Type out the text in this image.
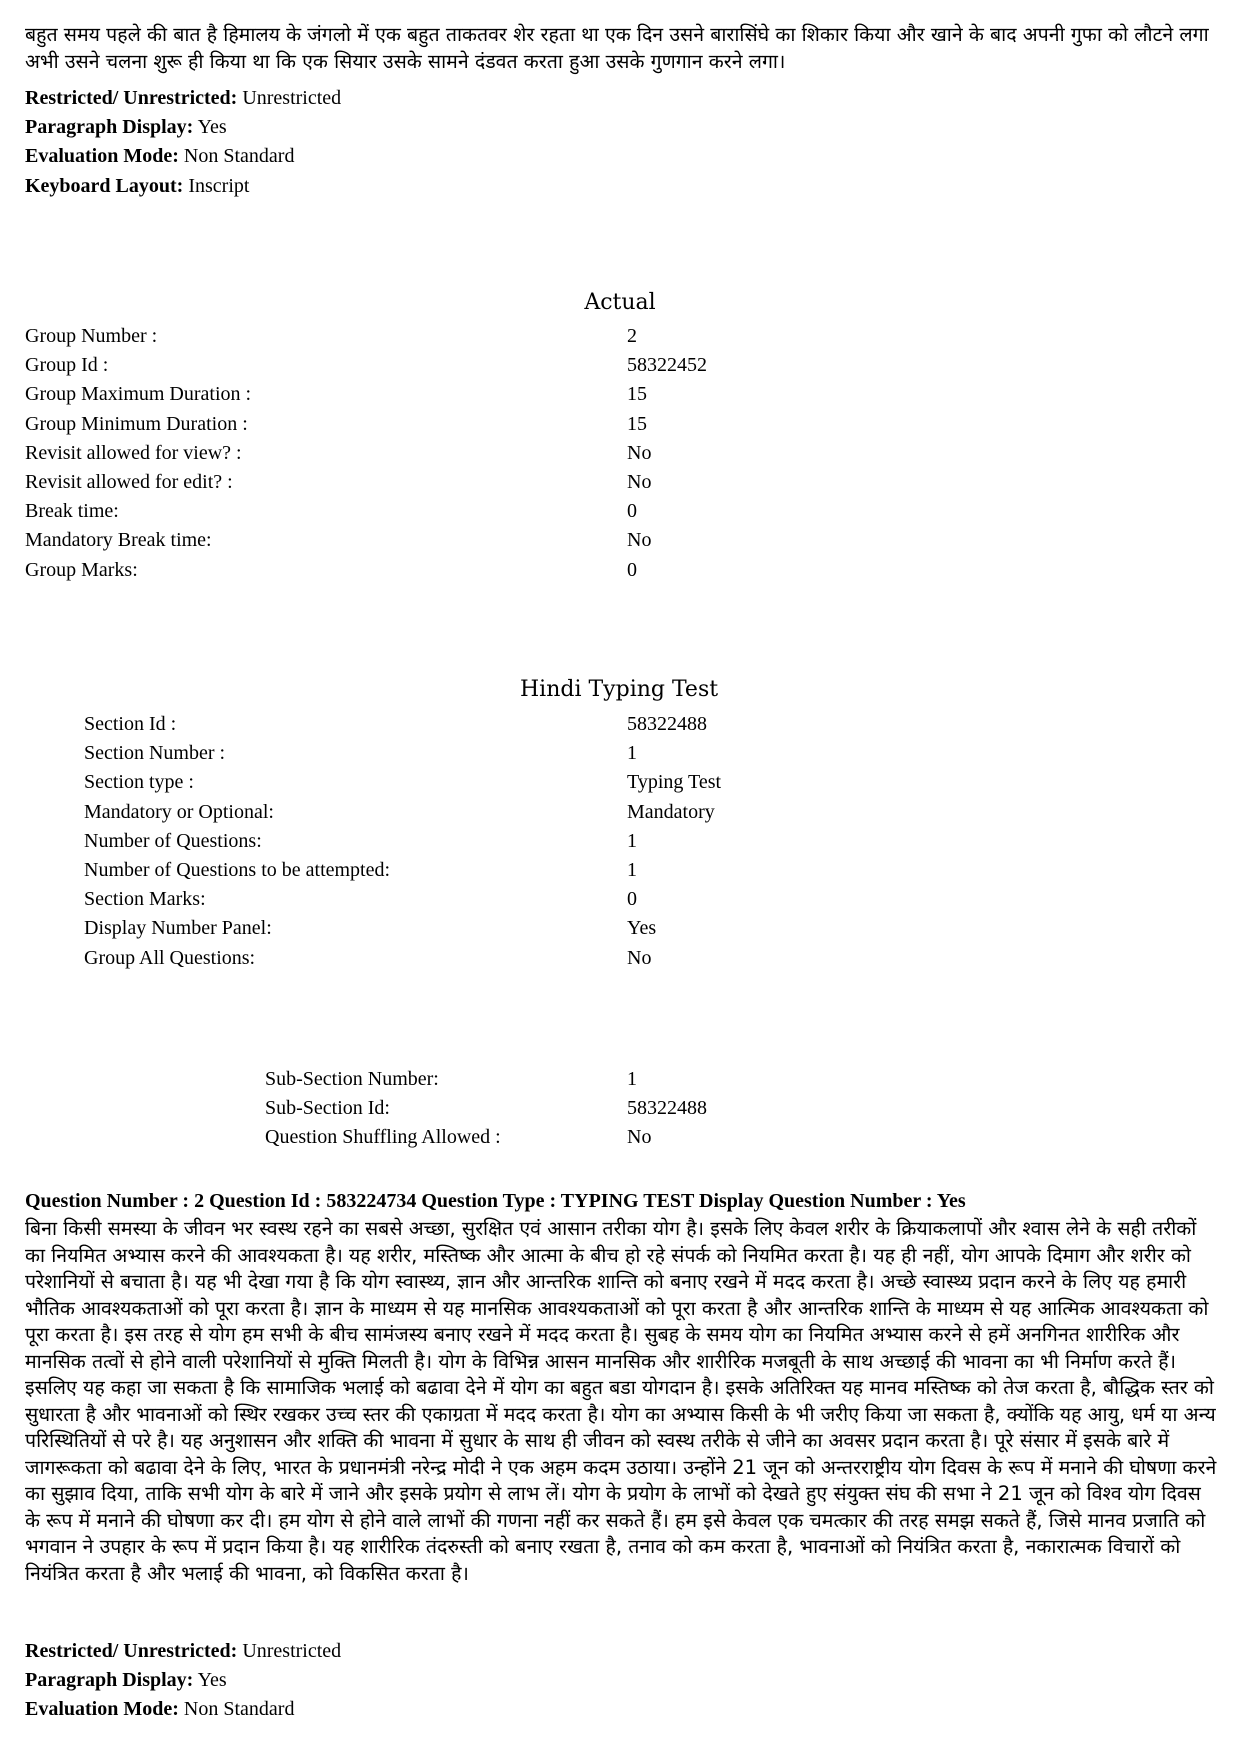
बहुत समय पहले की बात है हिमालय के जंगलो में एक बहुत ताकतवर शेर रहता था एक दिन उसने बारासिंघे का शिकार किया और खाने के बाद अपनी गुफा को लौटने लगा अभी उसने चलना शुरू ही किया था कि एक सियार उसके सामने दंडवत करता हुआ उसके गुणगान करने लगा।

Restricted/ Unrestricted: Unrestricted
Paragraph Display: Yes
Evaluation Mode: Non Standard
Keyboard Layout: Inscript
Actual
Group Number :	2
Group Id :	58322452
Group Maximum Duration :	15
Group Minimum Duration :	15
Revisit allowed for view? :	No
Revisit allowed for edit? :	No
Break time:	0
Mandatory Break time:	No
Group Marks:	0
Hindi Typing Test
Section Id :	58322488
Section Number :	1
Section type :	Typing Test
Mandatory or Optional:	Mandatory
Number of Questions:	1
Number of Questions to be attempted:	1
Section Marks:	0
Display Number Panel:	Yes
Group All Questions:	No
Sub-Section Number:	1
Sub-Section Id:	58322488
Question Shuffling Allowed :	No
Question Number : 2 Question Id : 583224734 Question Type : TYPING TEST Display Question Number : Yes

बिना किसी समस्या के जीवन भर स्वस्थ रहने का सबसे अच्छा, सुरक्षित एवं आसान तरीका योग है। इसके लिए केवल शरीर के क्रियाकलापों और श्वास लेने के सही तरीकों का नियमित अभ्यास करने की आवश्यकता है। यह शरीर, मस्तिष्क और आत्मा के बीच हो रहे संपर्क को नियमित करता है। यह ही नहीं, योग आपके दिमाग और शरीर को परेशानियों से बचाता है। यह भी देखा गया है कि योग स्वास्थ्य, ज्ञान और आन्तरिक शान्ति को बनाए रखने में मदद करता है। अच्छे स्वास्थ्य प्रदान करने के लिए यह हमारी भौतिक आवश्यकताओं को पूरा करता है। ज्ञान के माध्यम से यह मानसिक आवश्यकताओं को पूरा करता है और आन्तरिक शान्ति के माध्यम से यह आत्मिक आवश्यकता को पूरा करता है। इस तरह से योग हम सभी के बीच सामंजस्य बनाए रखने में मदद करता है। सुबह के समय योग का नियमित अभ्यास करने से हमें अनगिनत शारीरिक और मानसिक तत्वों से होने वाली परेशानियों से मुक्ति मिलती है। योग के विभिन्न आसन मानसिक और शारीरिक मजबूती के साथ अच्छाई की भावना का भी निर्माण करते हैं। इसलिए यह कहा जा सकता है कि सामाजिक भलाई को बढावा देने में योग का बहुत बडा योगदान है। इसके अतिरिक्त यह मानव मस्तिष्क को तेज करता है, बौद्धिक स्तर को सुधारता है और भावनाओं को स्थिर रखकर उच्च स्तर की एकाग्रता में मदद करता है। योग का अभ्यास किसी के भी जरीए किया जा सकता है, क्योंकि यह आयु, धर्म या अन्य परिस्थितियों से परे है। यह अनुशासन और शक्ति की भावना में सुधार के साथ ही जीवन को स्वस्थ तरीके से जीने का अवसर प्रदान करता है। पूरे संसार में इसके बारे में जागरूकता को बढावा देने के लिए, भारत के प्रधानमंत्री नरेन्द्र मोदी ने एक अहम कदम उठाया। उन्होंने 21 जून को अन्तरराष्ट्रीय योग दिवस के रूप में मनाने की घोषणा करने का सुझाव दिया, ताकि सभी योग के बारे में जाने और इसके प्रयोग से लाभ लें। योग के प्रयोग के लाभों को देखते हुए संयुक्त संघ की सभा ने 21 जून को विश्व योग दिवस के रूप में मनाने की घोषणा कर दी। हम योग से होने वाले लाभों की गणना नहीं कर सकते हैं। हम इसे केवल एक चमत्कार की तरह समझ सकते हैं, जिसे मानव प्रजाति को भगवान ने उपहार के रूप में प्रदान किया है। यह शारीरिक तंदरुस्ती को बनाए रखता है, तनाव को कम करता है, भावनाओं को नियंत्रित करता है, नकारात्मक विचारों को नियंत्रित करता है और भलाई की भावना, को विकसित करता है।

Restricted/ Unrestricted: Unrestricted
Paragraph Display: Yes
Evaluation Mode: Non Standard
